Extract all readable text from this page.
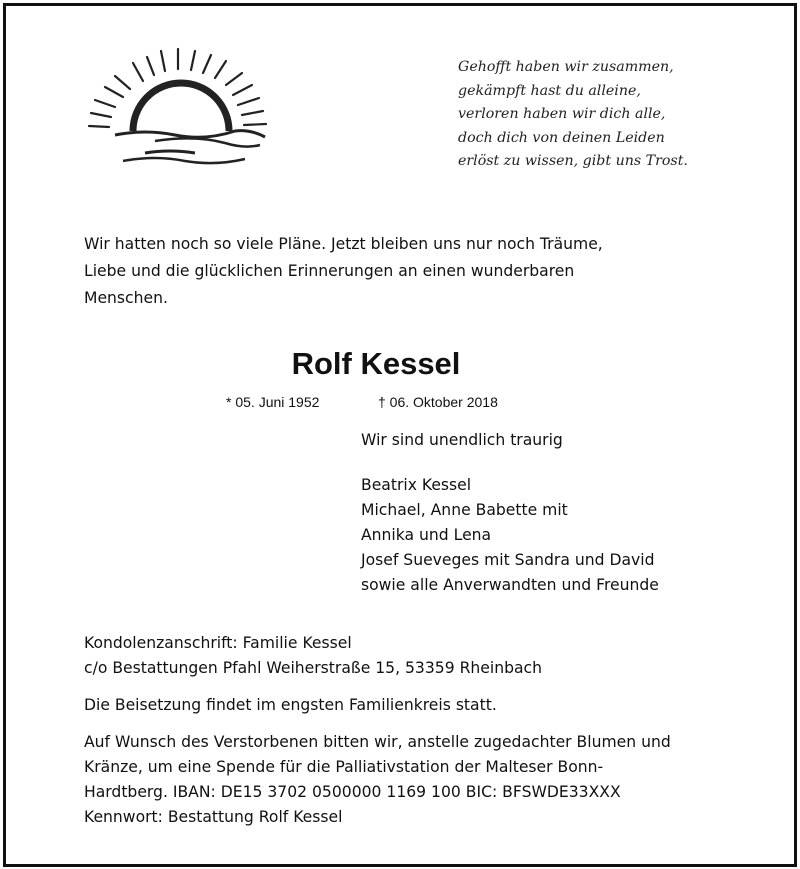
Gehofft haben wir zusammen,
gekämpft hast du alleine,
verloren haben wir dich alle,
doch dich von deinen Leiden
erlöst zu wissen, gibt uns Trost.
Wir hatten noch so viele Pläne. Jetzt bleiben uns nur noch Träume,
Liebe und die glücklichen Erinnerungen an einen wunderbaren
Menschen.
Rolf Kessel
* 05. Juni 1952	† 06. Oktober 2018
Wir sind unendlich traurig
Beatrix Kessel
Michael, Anne Babette mit
Annika und Lena
Josef Sueveges mit Sandra und David
sowie alle Anverwandten und Freunde
Kondolenzanschrift: Familie Kessel
c/o Bestattungen Pfahl Weiherstraße 15, 53359 Rheinbach
Die Beisetzung findet im engsten Familienkreis statt.
Auf Wunsch des Verstorbenen bitten wir, anstelle zugedachter Blumen und
Kränze, um eine Spende für die Palliativstation der Malteser Bonn-
Hardtberg. IBAN: DE15 3702 0500000 1169 100 BIC: BFSWDE33XXX
Kennwort: Bestattung Rolf Kessel
